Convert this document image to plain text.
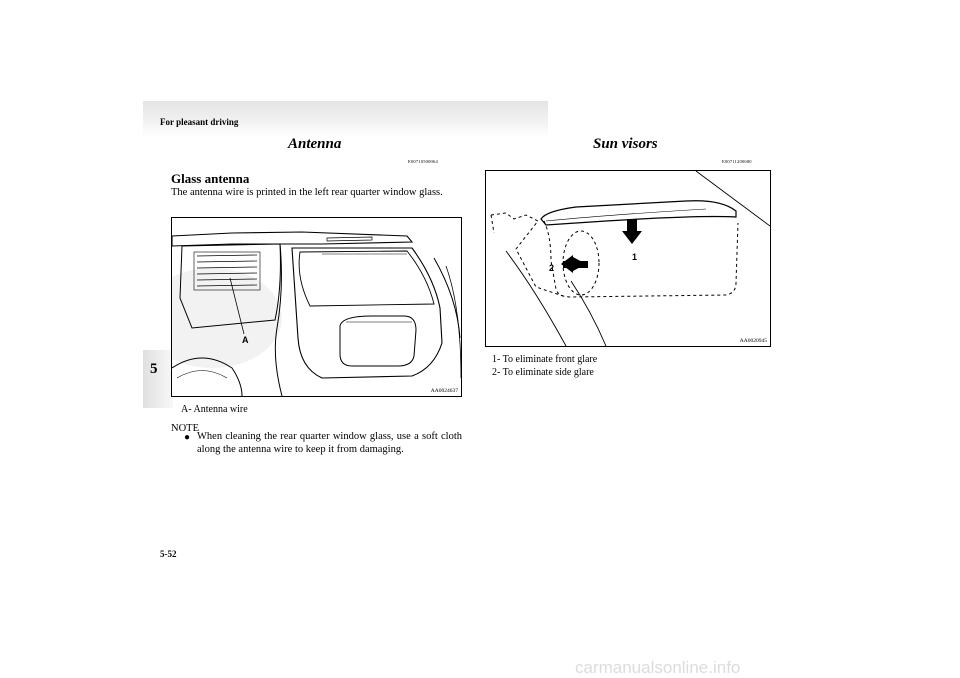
For pleasant driving
5
Antenna
E00710500064
Glass antenna
The antenna wire is printed in the left rear quarter window glass.
A
AA0024637
A- Antenna wire
NOTE
● When cleaning the rear quarter window glass, use a soft cloth along the antenna wire to keep it from damaging.
Sun visors
E00711200680
1
2
AA0020945
1- To eliminate front glare
2- To eliminate side glare
5-52
carmanualsonline.info
